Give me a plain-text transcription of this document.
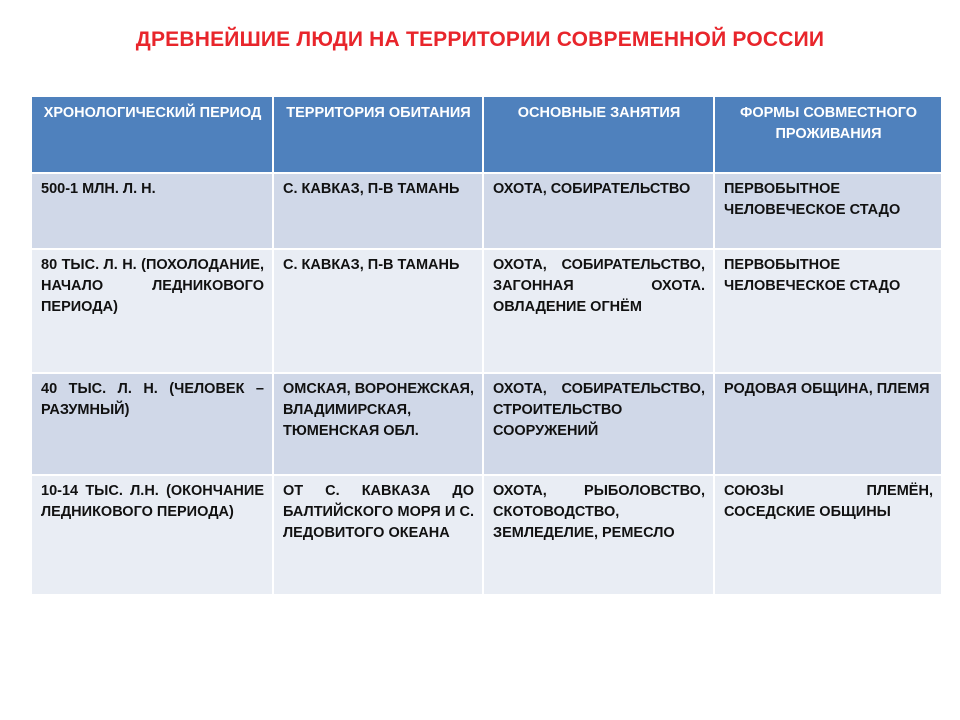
ДРЕВНЕЙШИЕ ЛЮДИ НА ТЕРРИТОРИИ СОВРЕМЕННОЙ РОССИИ
ХРОНОЛОГИЧЕСКИЙ ПЕРИОД	ТЕРРИТОРИЯ ОБИТАНИЯ	ОСНОВНЫЕ ЗАНЯТИЯ	ФОРМЫ СОВМЕСТНОГО ПРОЖИВАНИЯ
500-1 МЛН. Л. Н.	С. КАВКАЗ, П-В ТАМАНЬ	ОХОТА, СОБИРАТЕЛЬСТВО	ПЕРВОБЫТНОЕ ЧЕЛОВЕЧЕСКОЕ СТАДО
80 ТЫС. Л. Н. (ПОХОЛОДАНИЕ, НАЧАЛО ЛЕДНИКОВОГО ПЕРИОДА)	С. КАВКАЗ, П-В ТАМАНЬ	ОХОТА, СОБИРАТЕЛЬСТВО, ЗАГОННАЯ ОХОТА. ОВЛАДЕНИЕ ОГНЁМ	ПЕРВОБЫТНОЕ ЧЕЛОВЕЧЕСКОЕ СТАДО
40 ТЫС. Л. Н. (ЧЕЛОВЕК – РАЗУМНЫЙ)	ОМСКАЯ, ВОРОНЕЖСКАЯ, ВЛАДИМИРСКАЯ, ТЮМЕНСКАЯ ОБЛ.	ОХОТА, СОБИРАТЕЛЬСТВО, СТРОИТЕЛЬСТВО СООРУЖЕНИЙ	РОДОВАЯ ОБЩИНА, ПЛЕМЯ
10-14 ТЫС. Л.Н. (ОКОНЧАНИЕ ЛЕДНИКОВОГО ПЕРИОДА)	ОТ С. КАВКАЗА ДО БАЛТИЙСКОГО МОРЯ И С. ЛЕДОВИТОГО ОКЕАНА	ОХОТА, РЫБОЛОВСТВО, СКОТОВОДСТВО, ЗЕМЛЕДЕЛИЕ, РЕМЕСЛО	СОЮЗЫ ПЛЕМЁН, СОСЕДСКИЕ ОБЩИНЫ
